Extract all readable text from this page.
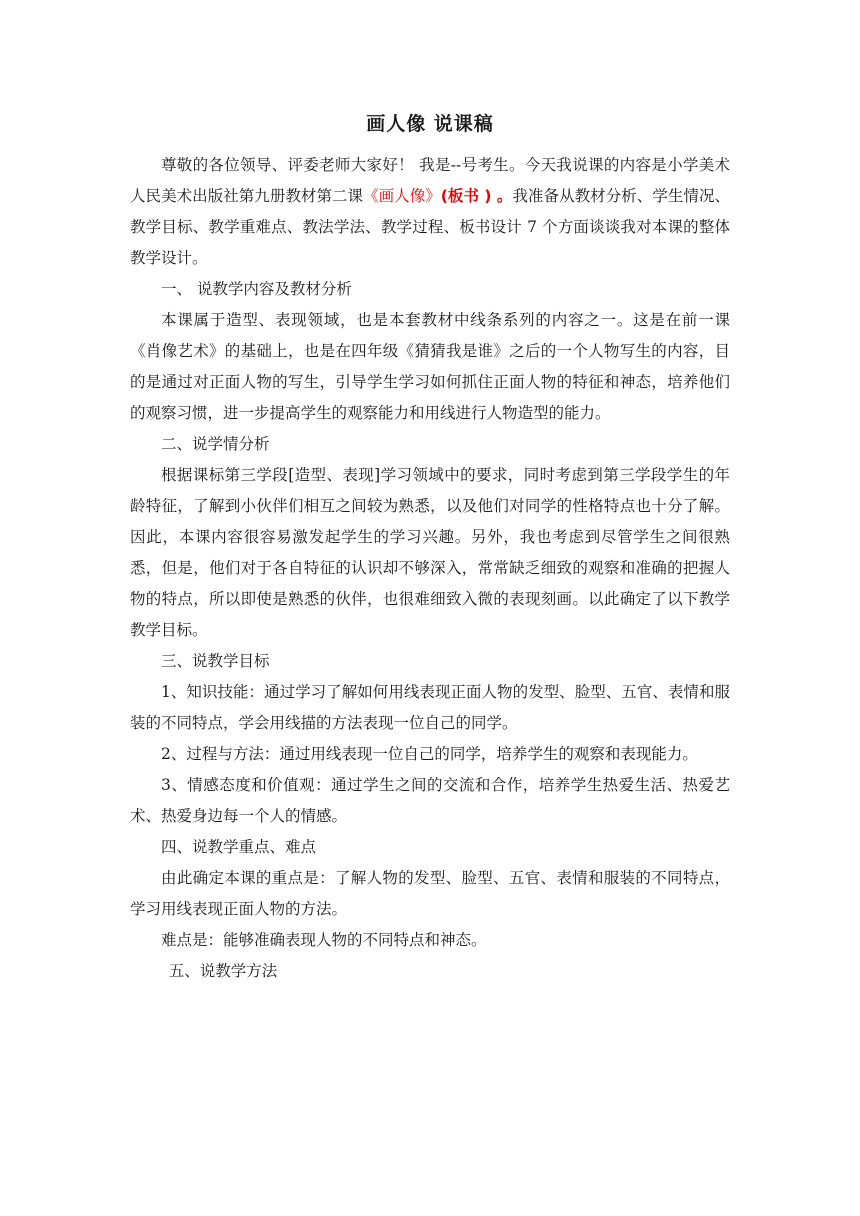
画人像 说课稿

尊敬的各位领导、评委老师大家好！ 我是--号考生。今天我说课的内容是小学美术人民美术出版社第九册教材第二课《画人像》(板书 ) 。我准备从教材分析、学生情况、教学目标、教学重难点、教法学法、教学过程、板书设计 7 个方面谈谈我对本课的整体教学设计。

一、 说教学内容及教材分析

本课属于造型、表现领域，也是本套教材中线条系列的内容之一。这是在前一课《肖像艺术》的基础上，也是在四年级《猜猜我是谁》之后的一个人物写生的内容，目的是通过对正面人物的写生，引导学生学习如何抓住正面人物的特征和神态，培养他们的观察习惯，进一步提高学生的观察能力和用线进行人物造型的能力。

二、说学情分析

根据课标第三学段[造型、表现]学习领域中的要求，同时考虑到第三学段学生的年龄特征，了解到小伙伴们相互之间较为熟悉，以及他们对同学的性格特点也十分了解。因此，本课内容很容易激发起学生的学习兴趣。另外，我也考虑到尽管学生之间很熟悉，但是，他们对于各自特征的认识却不够深入，常常缺乏细致的观察和准确的把握人物的特点，所以即使是熟悉的伙伴，也很难细致入微的表现刻画。以此确定了以下教学教学目标。

三、说教学目标

1、知识技能：通过学习了解如何用线表现正面人物的发型、脸型、五官、表情和服装的不同特点，学会用线描的方法表现一位自己的同学。

2、过程与方法：通过用线表现一位自己的同学，培养学生的观察和表现能力。

3、情感态度和价值观：通过学生之间的交流和合作，培养学生热爱生活、热爱艺术、热爱身边每一个人的情感。

四、说教学重点、难点

由此确定本课的重点是：了解人物的发型、脸型、五官、表情和服装的不同特点，学习用线表现正面人物的方法。

难点是：能够准确表现人物的不同特点和神态。

五、说教学方法
